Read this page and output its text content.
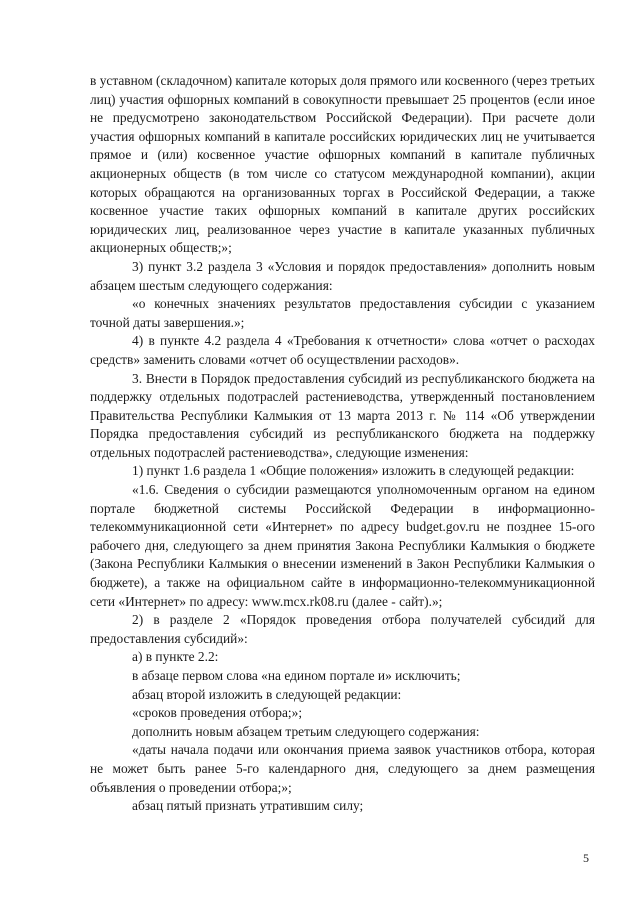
в уставном (складочном) капитале которых доля прямого или косвенного (через третьих лиц) участия офшорных компаний в совокупности превышает 25 процентов (если иное не предусмотрено законодательством Российской Федерации). При расчете доли участия офшорных компаний в капитале российских юридических лиц не учитывается прямое и (или) косвенное участие офшорных компаний в капитале публичных акционерных обществ (в том числе со статусом международной компании), акции которых обращаются на организованных торгах в Российской Федерации, а также косвенное участие таких офшорных компаний в капитале других российских юридических лиц, реализованное через участие в капитале указанных публичных акционерных обществ;»;

3) пункт 3.2 раздела 3 «Условия и порядок предоставления» дополнить новым абзацем шестым следующего содержания:

«о конечных значениях результатов предоставления субсидии с указанием точной даты завершения.»;

4) в пункте 4.2 раздела 4 «Требования к отчетности» слова «отчет о расходах средств» заменить словами «отчет об осуществлении расходов».

3. Внести в Порядок предоставления субсидий из республиканского бюджета на поддержку отдельных подотраслей растениеводства, утвержденный постановлением Правительства Республики Калмыкия от 13 марта 2013 г. № 114 «Об утверждении Порядка предоставления субсидий из республиканского бюджета на поддержку отдельных подотраслей растениеводства», следующие изменения:

1) пункт 1.6 раздела 1 «Общие положения» изложить в следующей редакции:

«1.6. Сведения о субсидии размещаются уполномоченным органом на едином портале бюджетной системы Российской Федерации в информационно-телекоммуникационной сети «Интернет» по адресу budget.gov.ru не позднее 15-ого рабочего дня, следующего за днем принятия Закона Республики Калмыкия о бюджете (Закона Республики Калмыкия о внесении изменений в Закон Республики Калмыкия о бюджете), а также на официальном сайте в информационно-телекоммуникационной сети «Интернет» по адресу: www.mcx.rk08.ru (далее - сайт).»;

2) в разделе 2 «Порядок проведения отбора получателей субсидий для предоставления субсидий»:

а) в пункте 2.2:

в абзаце первом слова «на едином портале и» исключить;

абзац второй изложить в следующей редакции:

«сроков проведения отбора;»;

дополнить новым абзацем третьим следующего содержания:

«даты начала подачи или окончания приема заявок участников отбора, которая не может быть ранее 5-го календарного дня, следующего за днем размещения объявления о проведении отбора;»;

абзац пятый признать утратившим силу;

5
